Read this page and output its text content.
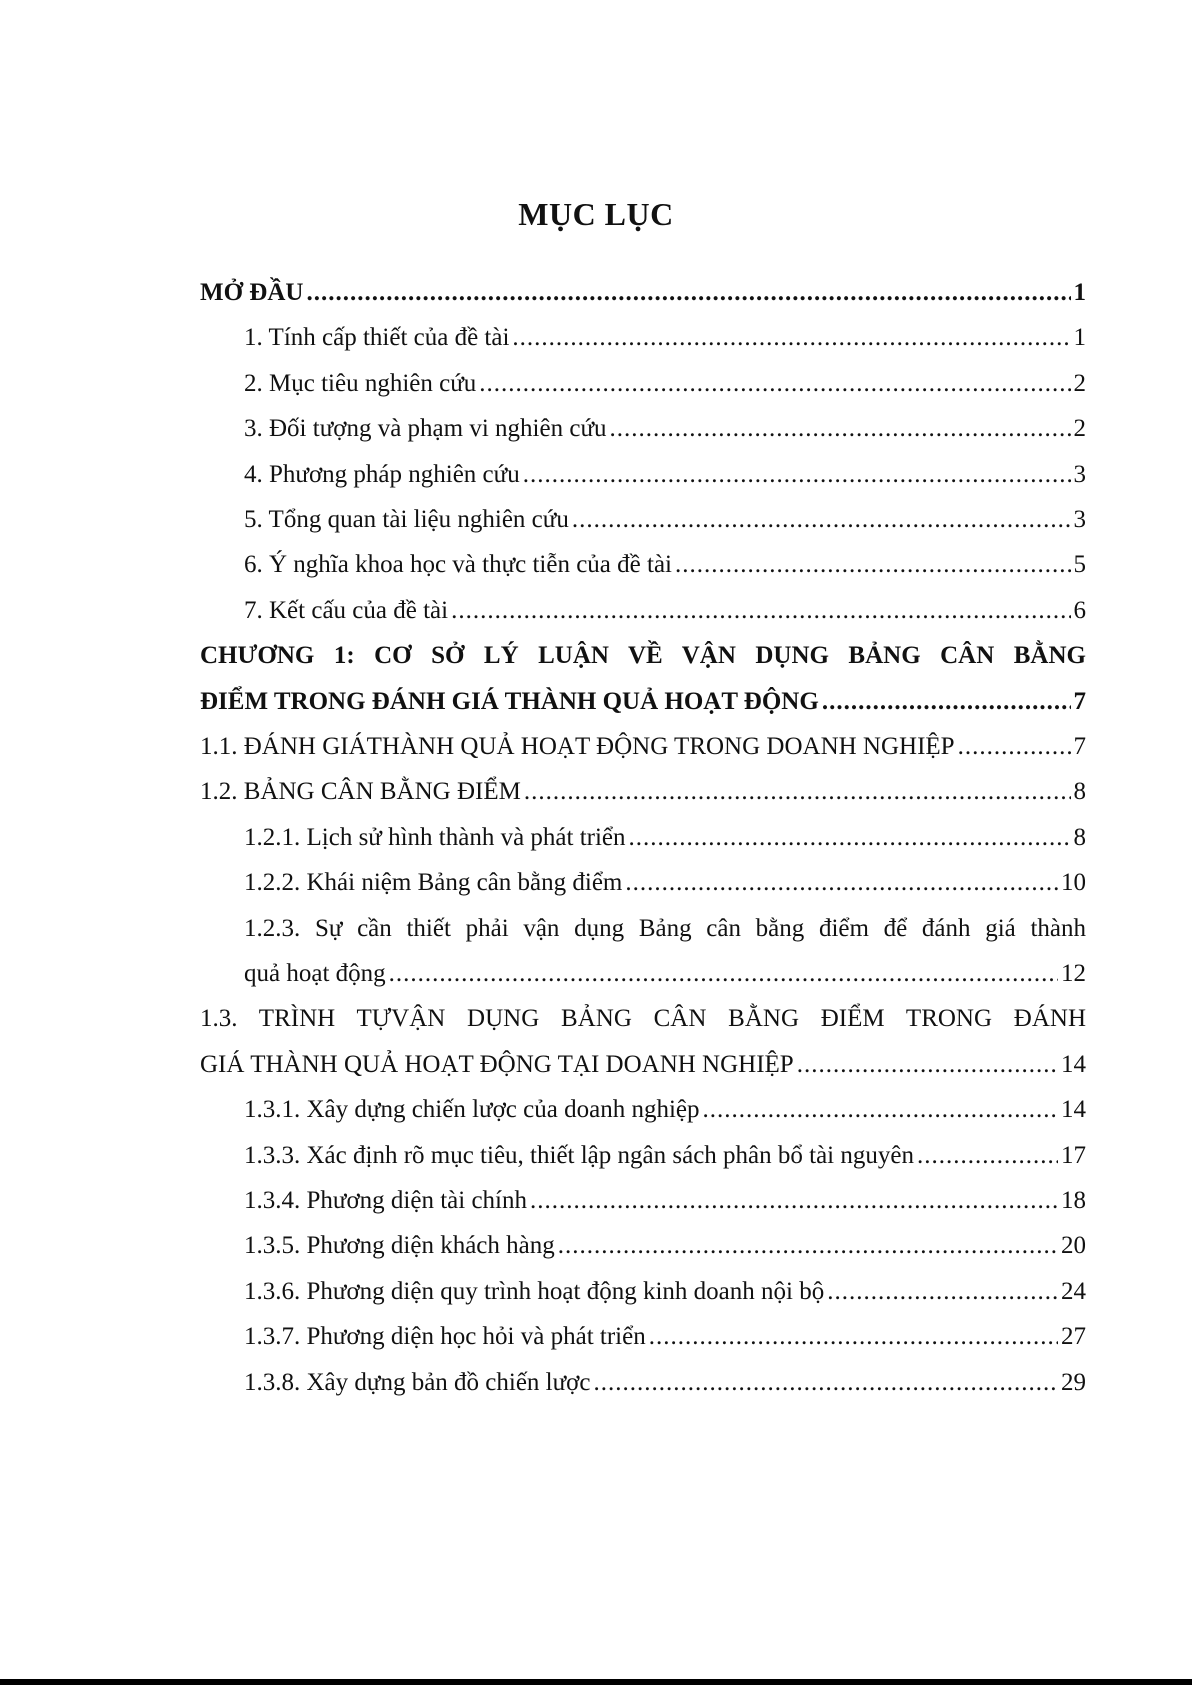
MỤC LỤC
MỞ ĐẦU .....	1
1. Tính cấp thiết của đề tài .....	1
2. Mục tiêu nghiên cứu .....	2
3. Đối tượng và phạm vi nghiên cứu .....	2
4. Phương pháp nghiên cứu .....	3
5. Tổng quan tài liệu nghiên cứu .....	3
6. Ý nghĩa khoa học và thực tiễn của đề tài .....	5
7. Kết cấu của đề tài .....	6
CHƯƠNG 1: CƠ SỞ LÝ LUẬN VỀ VẬN DỤNG BẢNG CÂN BẰNG
ĐIỂM TRONG ĐÁNH GIÁ THÀNH QUẢ HOẠT ĐỘNG .....	7
1.1. ĐÁNH GIÁTHÀNH QUẢ HOẠT ĐỘNG TRONG DOANH NGHIỆP .....	7
1.2. BẢNG CÂN BẰNG ĐIỂM .....	8
1.2.1. Lịch sử hình thành và phát triển .....	8
1.2.2. Khái niệm Bảng cân bằng điểm .....	10
1.2.3. Sự cần thiết phải vận dụng Bảng cân bằng điểm để đánh giá thành
quả hoạt động .....	12
1.3. TRÌNH TỰVẬN DỤNG BẢNG CÂN BẰNG ĐIỂM TRONG ĐÁNH
GIÁ THÀNH QUẢ HOẠT ĐỘNG TẠI DOANH NGHIỆP .....	14
1.3.1. Xây dựng chiến lược của doanh nghiệp .....	14
1.3.3. Xác định rõ mục tiêu, thiết lập ngân sách phân bổ tài nguyên .....	17
1.3.4. Phương diện tài chính .....	18
1.3.5. Phương diện khách hàng .....	20
1.3.6. Phương diện quy trình hoạt động kinh doanh nội bộ .....	24
1.3.7. Phương diện học hỏi và phát triển .....	27
1.3.8. Xây dựng bản đồ chiến lược .....	29
